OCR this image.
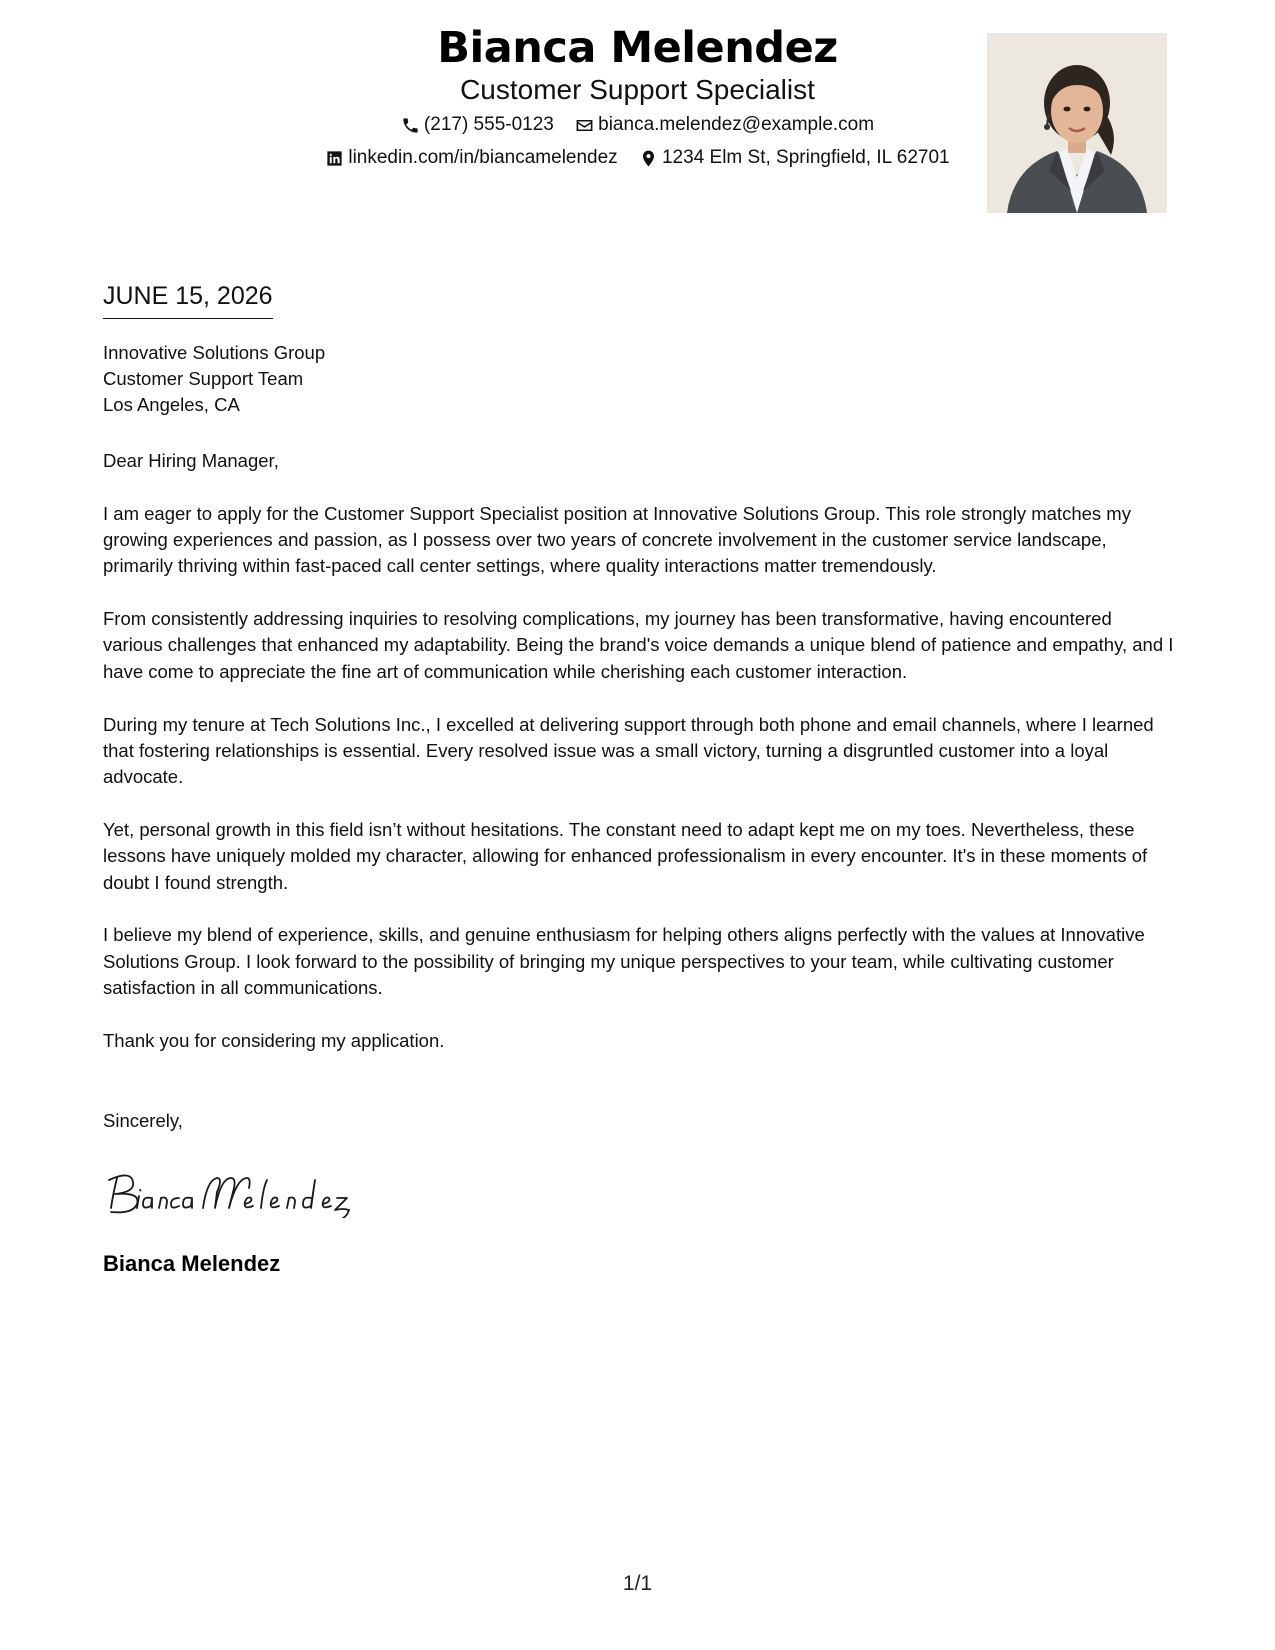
Bianca Melendez
Customer Support Specialist
(217) 555-0123
bianca.melendez@example.com
linkedin.com/in/biancamelendez
1234 Elm St, Springfield, IL 62701
JUNE 15, 2026
Innovative Solutions Group
Customer Support Team
Los Angeles, CA

Dear Hiring Manager,

I am eager to apply for the Customer Support Specialist position at Innovative Solutions Group. This role strongly matches my growing experiences and passion, as I possess over two years of concrete involvement in the customer service landscape, primarily thriving within fast-paced call center settings, where quality interactions matter tremendously.

From consistently addressing inquiries to resolving complications, my journey has been transformative, having encountered various challenges that enhanced my adaptability. Being the brand's voice demands a unique blend of patience and empathy, and I have come to appreciate the fine art of communication while cherishing each customer interaction.

During my tenure at Tech Solutions Inc., I excelled at delivering support through both phone and email channels, where I learned that fostering relationships is essential. Every resolved issue was a small victory, turning a disgruntled customer into a loyal advocate.

Yet, personal growth in this field isn’t without hesitations. The constant need to adapt kept me on my toes. Nevertheless, these lessons have uniquely molded my character, allowing for enhanced professionalism in every encounter. It's in these moments of doubt I found strength.

I believe my blend of experience, skills, and genuine enthusiasm for helping others aligns perfectly with the values at Innovative Solutions Group. I look forward to the possibility of bringing my unique perspectives to your team, while cultivating customer satisfaction in all communications.

Thank you for considering my application.

Sincerely,
Bianca Melendez
1/1
